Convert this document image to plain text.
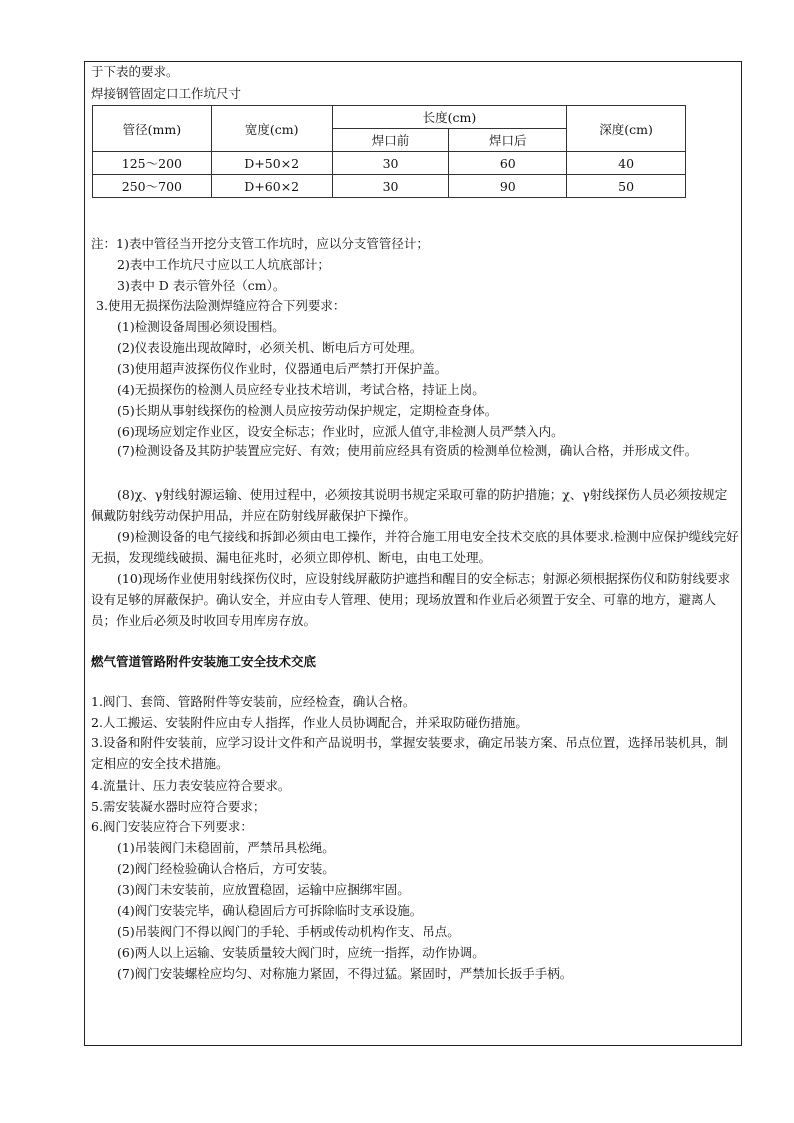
于下表的要求。
焊接钢管固定口工作坑尺寸
管径(mm)	宽度(cm)	长度(cm)		深度(cm)
		焊口前	焊口后	
125～200	D+50×2	30	60	40
250～700	D+60×2	30	90	50
注：1)表中管径当开挖分支管工作坑时，应以分支管管径计；
2)表中工作坑尺寸应以工人坑底部计；
3)表中 D 表示管外径（cm）。
3.使用无损探伤法险测焊缝应符合下列要求：
(1)检测设备周围必须设围档。
(2)仪表设施出现故障时，必须关机、断电后方可处理。
(3)使用超声波探伤仪作业时，仪器通电后严禁打开保护盖。
(4)无损探伤的检测人员应经专业技术培训，考试合格，持证上岗。
(5)长期从事射线探伤的检测人员应按劳动保护规定，定期检查身体。
(6)现场应划定作业区，设安全标志；作业时，应派人值守,非检测人员严禁入内。

(7)检测设备及其防护装置应完好、有效；使用前应经具有资质的检测单位检测，确认合格，并形成文件。

(8)χ、γ射线射源运输、使用过程中，必须按其说明书规定采取可靠的防护措施；χ、γ射线探伤人员必须按规定佩戴防射线劳动保护用品，并应在防射线屏蔽保护下操作。

(9)检测设备的电气接线和拆卸必须由电工操作，并符合施工用电安全技术交底的具体要求.检测中应保护缆线完好无损，发现缆线破损、漏电征兆时，必须立即停机、断电，由电工处理。

(10)现场作业使用射线探伤仪时，应设射线屏蔽防护遮挡和醒目的安全标志；射源必须根据探伤仪和防射线要求设有足够的屏蔽保护。确认安全，并应由专人管理、使用；现场放置和作业后必须置于安全、可靠的地方，避离人员；作业后必须及时收回专用库房存放。

燃气管道管路附件安装施工安全技术交底
1.阀门、套筒、管路附件等安装前，应经检查，确认合格。
2.人工搬运、安装附件应由专人指挥，作业人员协调配合，并采取防碰伤措施。

3.设备和附件安装前，应学习设计文件和产品说明书，掌握安装要求，确定吊装方案、吊点位置，选择吊装机具，制定相应的安全技术措施。

4.流量计、压力表安装应符合要求。
5.需安装凝水器时应符合要求；
6.阀门安装应符合下列要求：
(1)吊装阀门未稳固前，严禁吊具松绳。
(2)阀门经检验确认合格后，方可安装。
(3)阀门未安装前，应放置稳固，运输中应捆绑牢固。
(4)阀门安装完毕，确认稳固后方可拆除临时支承设施。
(5)吊装阀门不得以阀门的手轮、手柄或传动机构作支、吊点。
(6)两人以上运输、安装质量较大阀门时，应统一指挥，动作协调。
(7)阀门安装螺栓应均匀、对称施力紧固，不得过猛。紧固时，严禁加长扳手手柄。
